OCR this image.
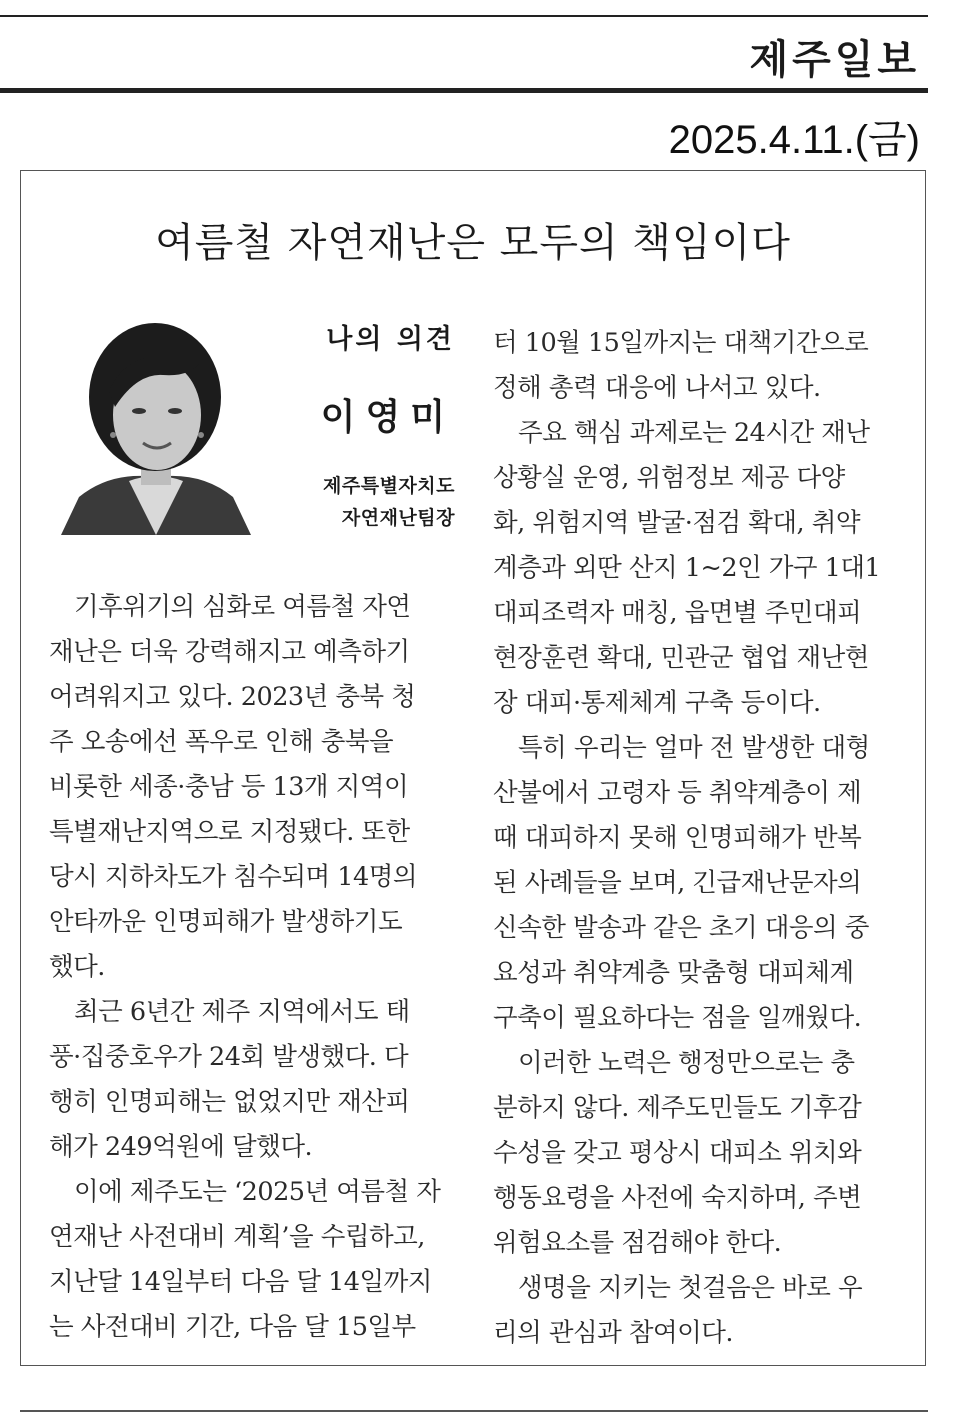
제주일보
2025.4.11.(금)
여름철 자연재난은 모두의 책임이다
나의 의견
이영미
제주특별자치도
자연재난팀장
 기후위기의 심화로 여름철 자연
재난은 더욱 강력해지고 예측하기
어려워지고 있다. 2023년 충북 청
주 오송에선 폭우로 인해 충북을
비롯한 세종·충남 등 13개 지역이
특별재난지역으로 지정됐다. 또한
당시 지하차도가 침수되며 14명의
안타까운 인명피해가 발생하기도
했다.
 최근 6년간 제주 지역에서도 태
풍·집중호우가 24회 발생했다. 다
행히 인명피해는 없었지만 재산피
해가 249억원에 달했다.
 이에 제주도는 ‘2025년 여름철 자
연재난 사전대비 계획’을 수립하고,
지난달 14일부터 다음 달 14일까지
는 사전대비 기간, 다음 달 15일부
터 10월 15일까지는 대책기간으로
정해 총력 대응에 나서고 있다.
 주요 핵심 과제로는 24시간 재난
상황실 운영, 위험정보 제공 다양
화, 위험지역 발굴·점검 확대, 취약
계층과 외딴 산지 1~2인 가구 1대1
대피조력자 매칭, 읍면별 주민대피
현장훈련 확대, 민관군 협업 재난현
장 대피·통제체계 구축 등이다.
 특히 우리는 얼마 전 발생한 대형
산불에서 고령자 등 취약계층이 제
때 대피하지 못해 인명피해가 반복
된 사례들을 보며, 긴급재난문자의
신속한 발송과 같은 초기 대응의 중
요성과 취약계층 맞춤형 대피체계
구축이 필요하다는 점을 일깨웠다.
 이러한 노력은 행정만으로는 충
분하지 않다. 제주도민들도 기후감
수성을 갖고 평상시 대피소 위치와
행동요령을 사전에 숙지하며, 주변
위험요소를 점검해야 한다.
 생명을 지키는 첫걸음은 바로 우
리의 관심과 참여이다.
